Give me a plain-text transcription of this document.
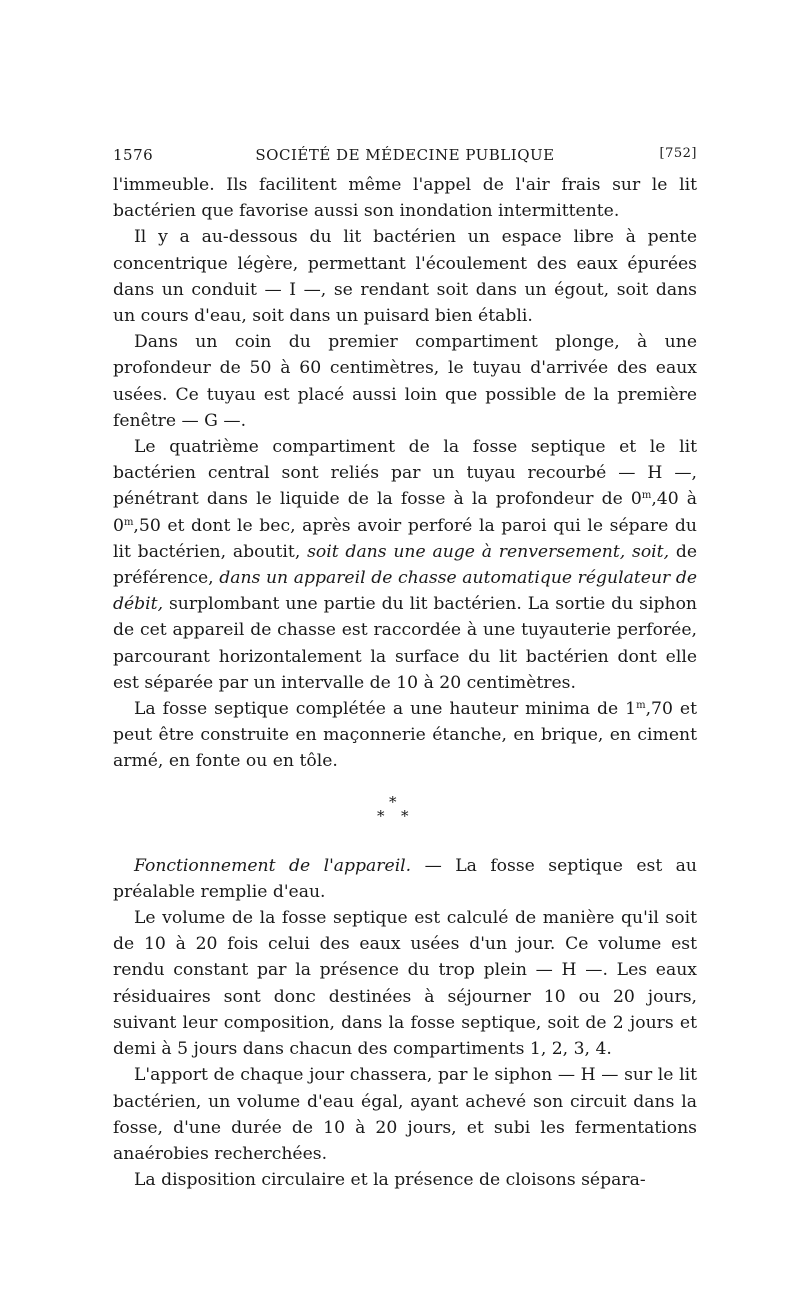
1576	SOCIÉTÉ DE MÉDECINE PUBLIQUE	[752]

l'immeuble. Ils facilitent même l'appel de l'air frais sur le lit bactérien que favorise aussi son inondation intermittente.

Il y a au-dessous du lit bactérien un espace libre à pente concentrique légère, permettant l'écoulement des eaux épurées dans un conduit — I —, se rendant soit dans un égout, soit dans un cours d'eau, soit dans un puisard bien établi.

Dans un coin du premier compartiment plonge, à une profondeur de 50 à 60 centimètres, le tuyau d'arrivée des eaux usées. Ce tuyau est placé aussi loin que possible de la première fenêtre — G —.

Le quatrième compartiment de la fosse septique et le lit bactérien central sont reliés par un tuyau recourbé — H —, pénétrant dans le liquide de la fosse à la profondeur de 0$^m$,40 à 0$^m$,50 et dont le bec, après avoir perforé la paroi qui le sépare du lit bactérien, aboutit, soit dans une auge à renversement, soit, de préférence, dans un appareil de chasse automatique régulateur de débit, surplombant une partie du lit bactérien. La sortie du siphon de cet appareil de chasse est raccordée à une tuyauterie perforée, parcourant horizontalement la surface du lit bactérien dont elle est séparée par un intervalle de 10 à 20 centimètres.

La fosse septique complétée a une hauteur minima de 1$^m$,70 et peut être construite en maçonnerie étanche, en brique, en ciment armé, en fonte ou en tôle.

*
* *

Fonctionnement de l'appareil. — La fosse septique est au préalable remplie d'eau.

Le volume de la fosse septique est calculé de manière qu'il soit de 10 à 20 fois celui des eaux usées d'un jour. Ce volume est rendu constant par la présence du trop plein — H —. Les eaux résiduaires sont donc destinées à séjourner 10 ou 20 jours, suivant leur composition, dans la fosse septique, soit de 2 jours et demi à 5 jours dans chacun des compartiments 1, 2, 3, 4.

L'apport de chaque jour chassera, par le siphon — H — sur le lit bactérien, un volume d'eau égal, ayant achevé son circuit dans la fosse, d'une durée de 10 à 20 jours, et subi les fermentations anaérobies recherchées.

La disposition circulaire et la présence de cloisons sépara-
